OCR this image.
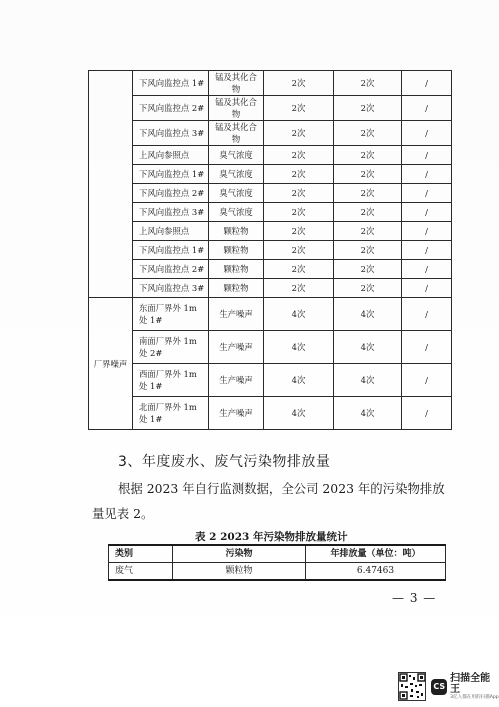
	下风向监控点 1#	锰及其化合物	2次	2次	/
	下风向监控点 2#	锰及其化合物	2次	2次	/
	下风向监控点 3#	锰及其化合物	2次	2次	/
	上风向参照点	臭气浓度	2次	2次	/
	下风向监控点 1#	臭气浓度	2次	2次	/
	下风向监控点 2#	臭气浓度	2次	2次	/
	下风向监控点 3#	臭气浓度	2次	2次	/
	上风向参照点	颗粒物	2次	2次	/
	下风向监控点 1#	颗粒物	2次	2次	/
	下风向监控点 2#	颗粒物	2次	2次	/
	下风向监控点 3#	颗粒物	2次	2次	/
厂界噪声	东面厂界外 1m 处 1#	生产噪声	4次	4次	/
	南面厂界外 1m 处 2#	生产噪声	4次	4次	/
	西面厂界外 1m 处 1#	生产噪声	4次	4次	/
	北面厂界外 1m 处 1#	生产噪声	4次	4次	/
3、年度废水、废气污染物排放量
根据 2023 年自行监测数据，全公司 2023 年的污染物排放量见表 2。
表 2 2023 年污染物排放量统计
类别	污染物	年排放量（单位：吨）
废气	颗粒物	6.47463
— 3 —
CS
扫描全能王
3亿人都在用的扫描App
